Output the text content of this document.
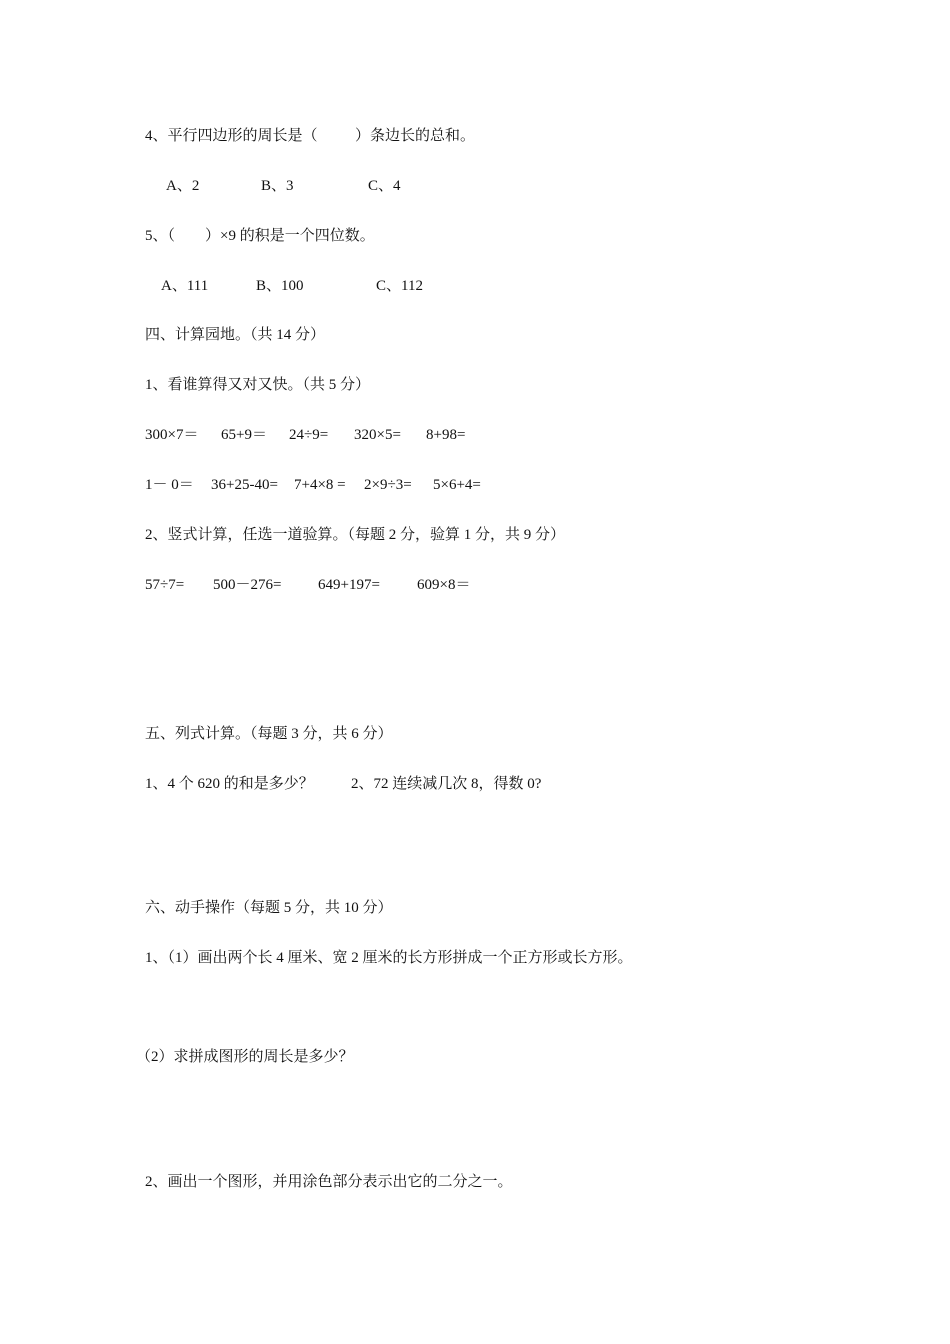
4、平行四边形的周长是（          ）条边长的总和。
A、2	B、3	C、4
5、（        ）×9 的积是一个四位数。
A、111	B、100	C、112
四、计算园地。（共 14 分）
1、看谁算得又对又快。（共 5 分）
300×7＝ 65+9＝ 24÷9= 320×5= 8+98=
1－ 0＝ 36+25-40= 7+4×8 = 2×9÷3= 5×6+4=
2、竖式计算，任选一道验算。（每题 2 分，验算 1 分，共 9 分）
57÷7= 500－276= 649+197= 609×8＝
五、列式计算。（每题 3 分，共 6 分）
1、4 个 620 的和是多少？ 2、72 连续减几次 8，得数 0?
六、动手操作（每题 5 分，共 10 分）
1、（1）画出两个长 4 厘米、宽 2 厘米的长方形拼成一个正方形或长方形。
（2）求拼成图形的周长是多少？
2、画出一个图形，并用涂色部分表示出它的二分之一。
